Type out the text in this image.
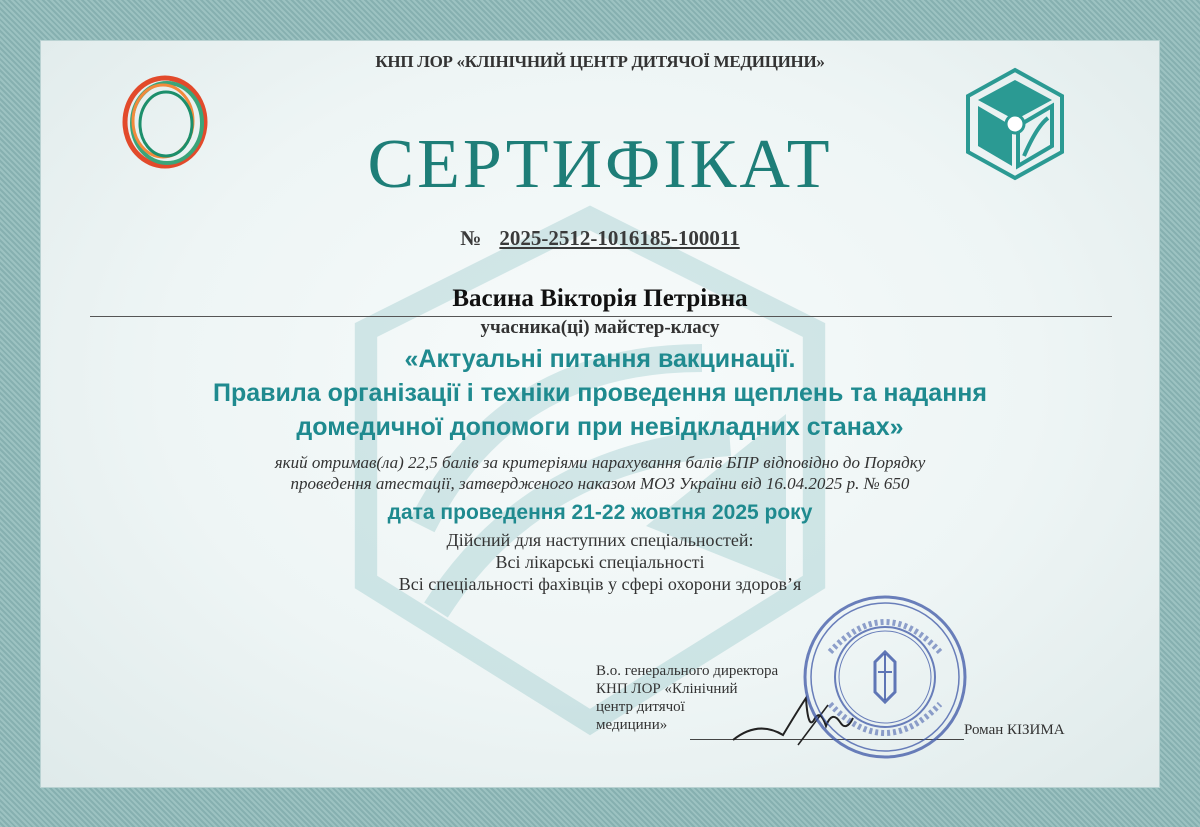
КНП ЛОР «КЛІНІЧНИЙ ЦЕНТР ДИТЯЧОЇ МЕДИЦИНИ»
СЕРТИФІКАТ
№ 2025-2512-1016185-100011
Васина Вікторія Петрівна
учасника(ці) майстер-класу
«Актуальні питання вакцинації.
Правила організації і техніки проведення щеплень та надання
домедичної допомоги при невідкладних станах»
який отримав(ла) 22,5 балів за критеріями нарахування балів БПР відповідно до Порядку
проведення атестації, затвердженого наказом МОЗ України від 16.04.2025 р. № 650
дата проведення 21-22 жовтня 2025 року
Дійсний для наступних спеціальностей:
Всі лікарські спеціальності
Всі спеціальності фахівців у сфері охорони здоров’я
В.о. генерального директора
КНП ЛОР «Клінічний
центр дитячої
медицини»	Роман КІЗИМА
